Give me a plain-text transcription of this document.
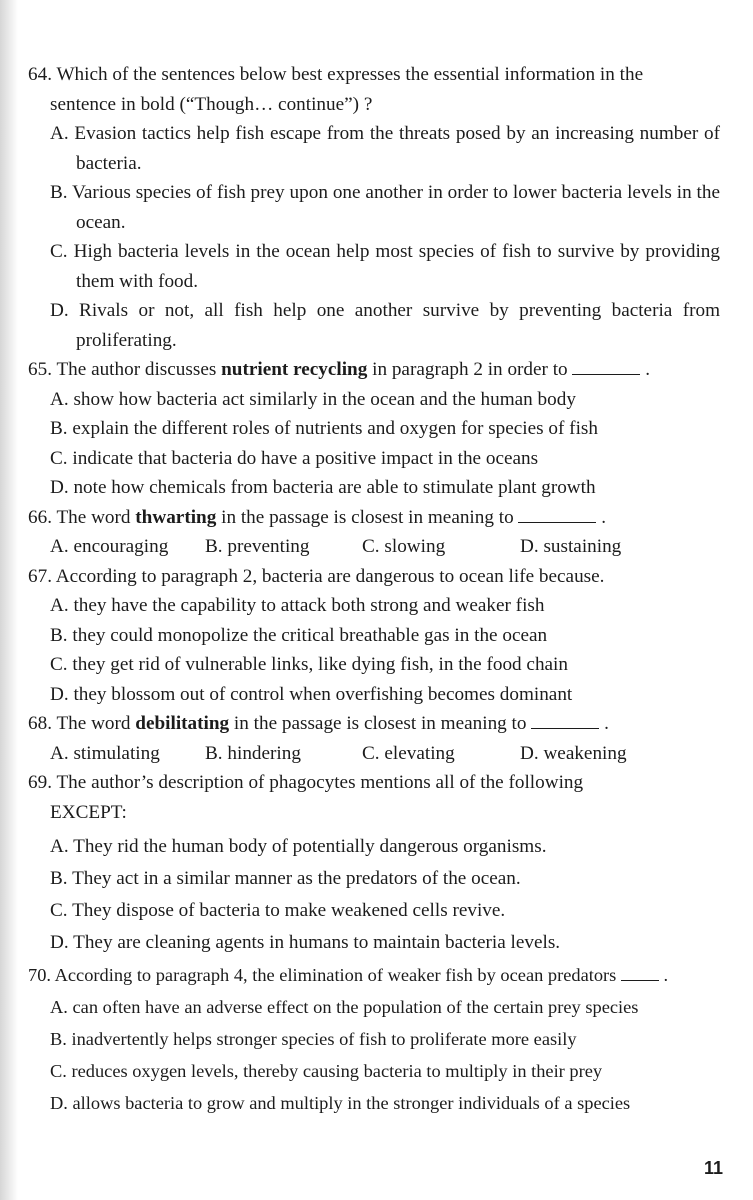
64. Which of the sentences below best expresses the essential information in the

sentence in bold (“Though… continue”) ?

A. Evasion tactics help fish escape from the threats posed by an increasing number of bacteria.

B. Various species of fish prey upon one another in order to lower bacteria levels in the ocean.

C. High bacteria levels in the ocean help most species of fish to survive by providing them with food.

D. Rivals or not, all fish help one another survive by preventing bacteria from proliferating.

65. The author discusses nutrient recycling in paragraph 2 in order to	.

A. show how bacteria act similarly in the ocean and the human body

B. explain the different roles of nutrients and oxygen for species of fish

C. indicate that bacteria do have a positive impact in the oceans

D. note how chemicals from bacteria are able to stimulate plant growth

66. The word thwarting in the passage is closest in meaning to	.

A. encouraging	B. preventing	C. slowing	D. sustaining

67. According to paragraph 2, bacteria are dangerous to ocean life because.

A. they have the capability to attack both strong and weaker fish

B. they could monopolize the critical breathable gas in the ocean

C. they get rid of vulnerable links, like dying fish, in the food chain

D. they blossom out of control when overfishing becomes dominant

68. The word debilitating in the passage is closest in meaning to	.

A. stimulating	B. hindering	C. elevating	D. weakening

69. The author’s description of phagocytes mentions all of the following

EXCEPT:

A. They rid the human body of potentially dangerous organisms.

B. They act in a similar manner as the predators of the ocean.

C. They dispose of bacteria to make weakened cells revive.

D. They are cleaning agents in humans to maintain bacteria levels.

70. According to paragraph 4, the elimination of weaker fish by ocean predators	.

A. can often have an adverse effect on the population of the certain prey species

B. inadvertently helps stronger species of fish to proliferate more easily

C. reduces oxygen levels, thereby causing bacteria to multiply in their prey

D. allows bacteria to grow and multiply in the stronger individuals of a species

11
